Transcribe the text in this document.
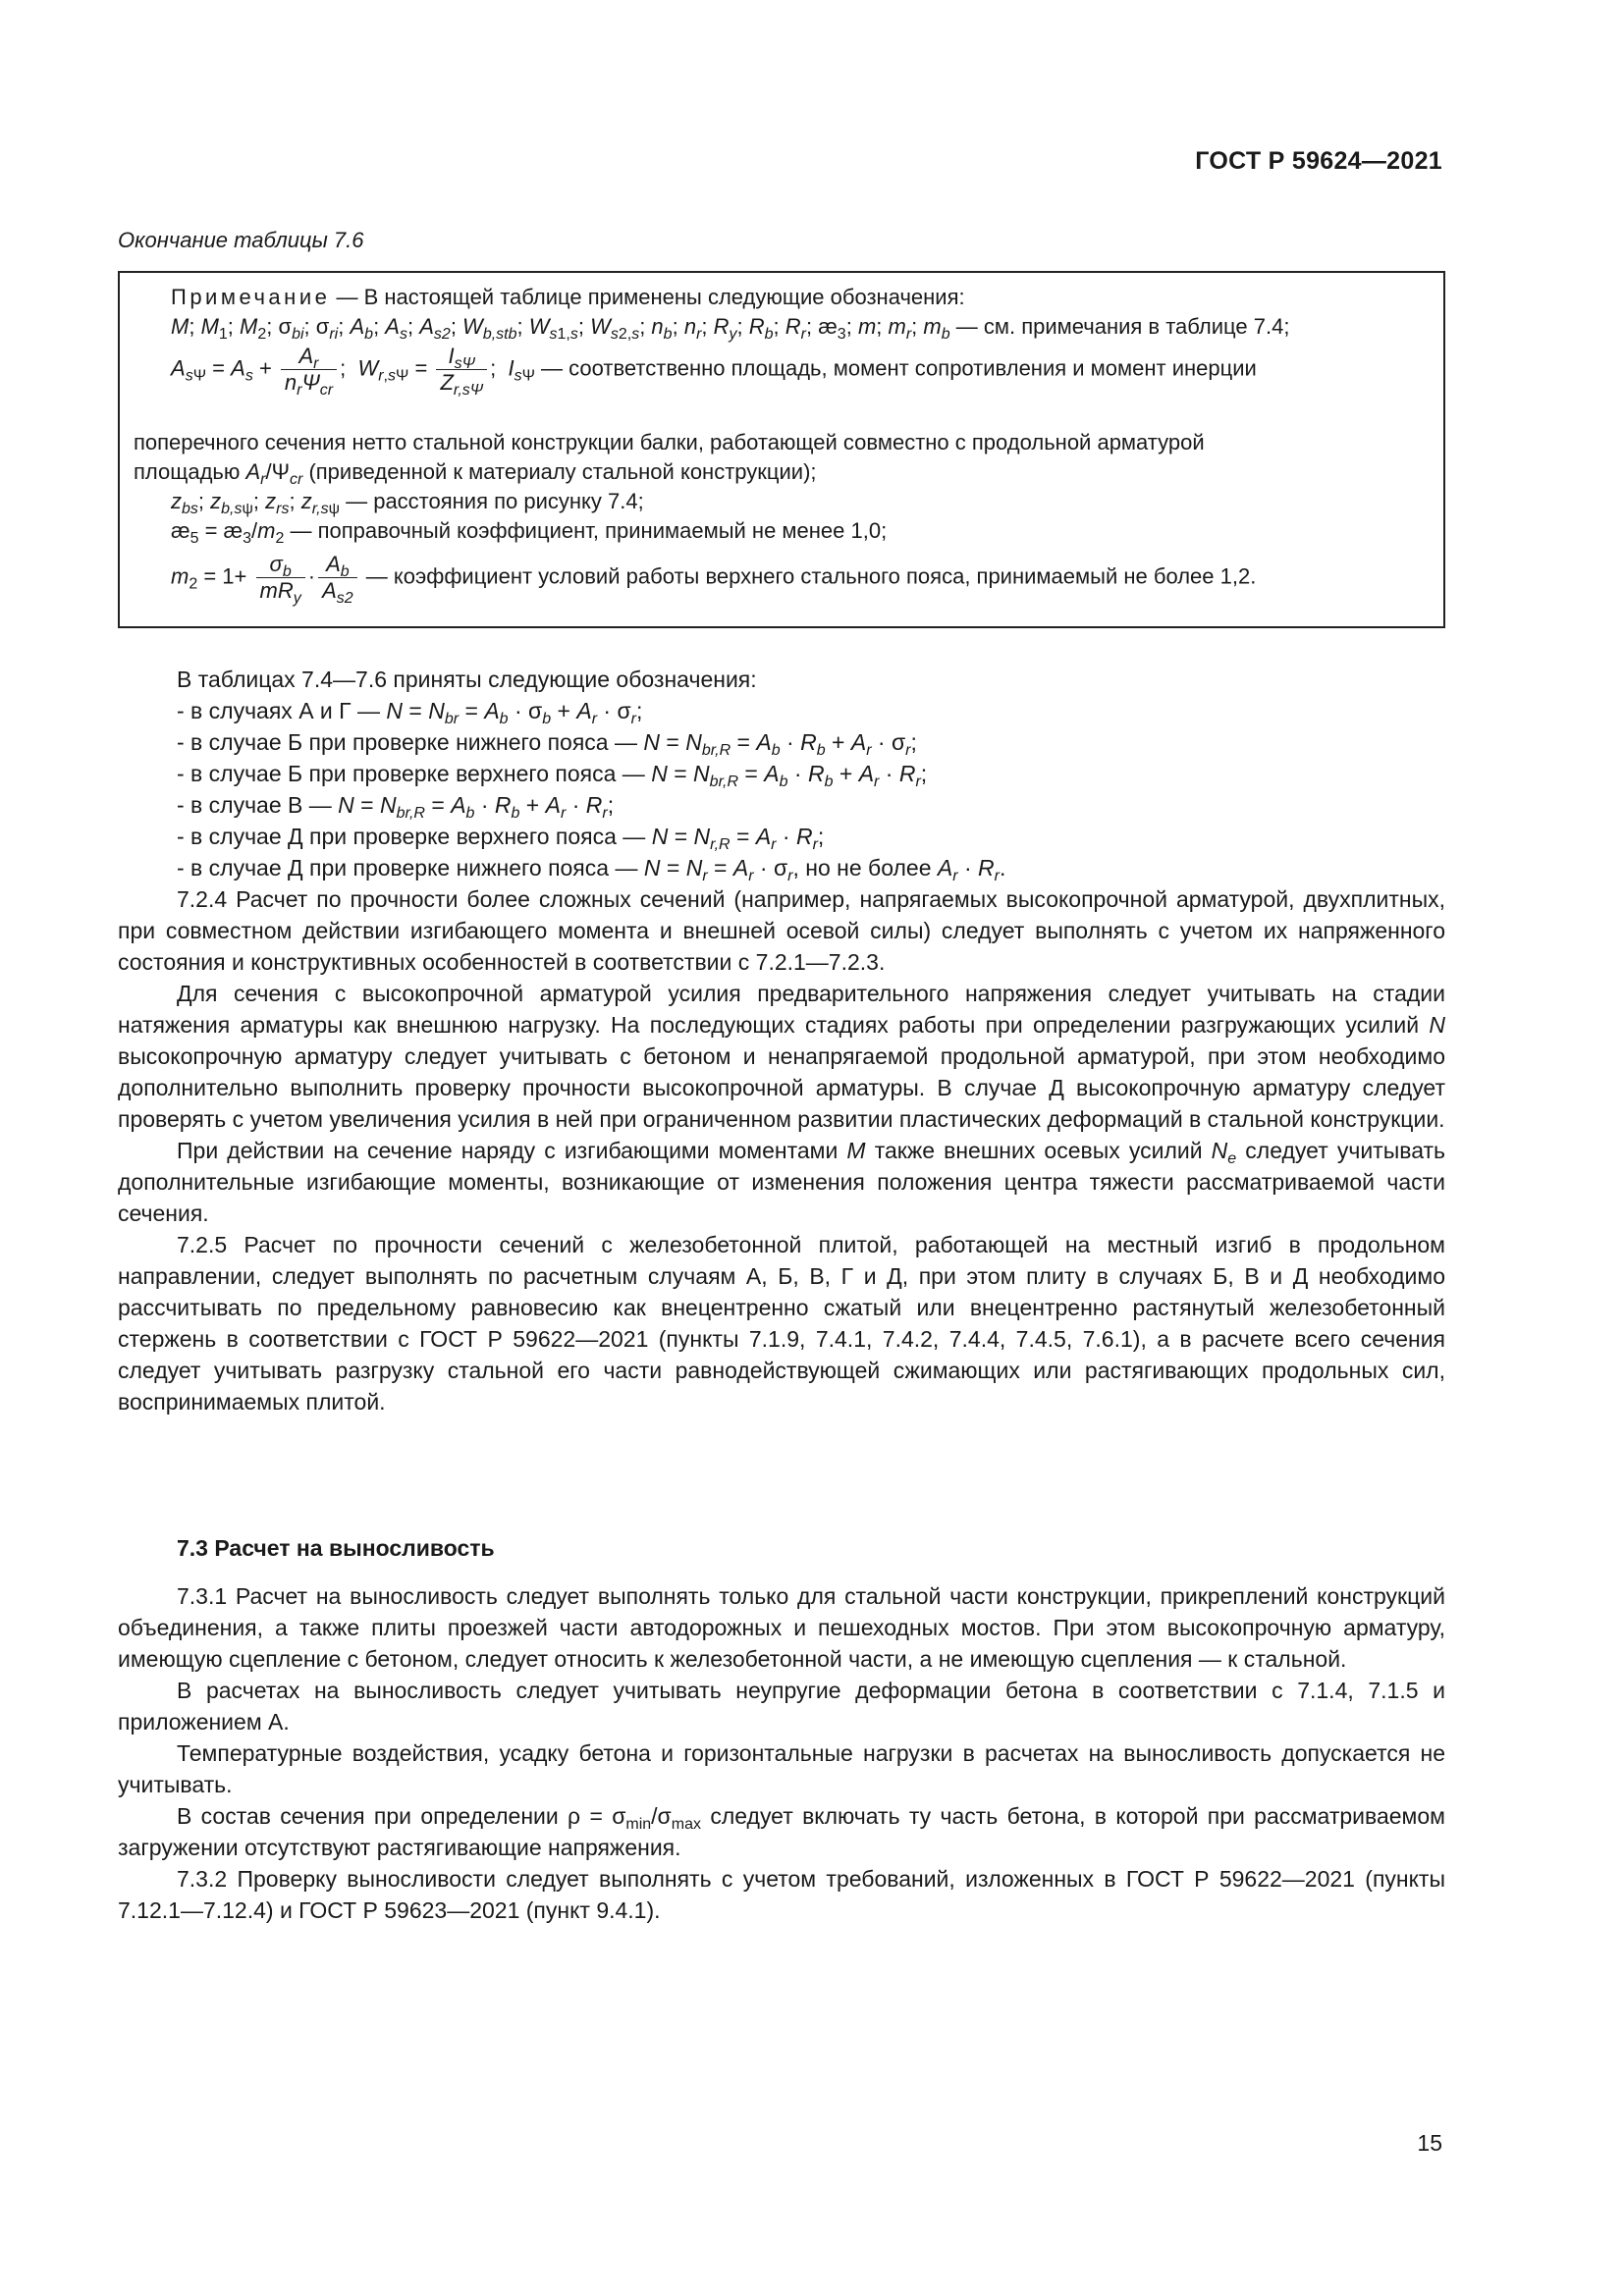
ГОСТ Р 59624—2021
Окончание таблицы 7.6
Примечание — В настоящей таблице применены следующие обозначения:
M; $M_1$; $M_2$; $\sigma_{bi}$; $\sigma_{ri}$; $A_b$; $A_s$; $A_{s2}$; $W_{b,stb}$; $W_{s1,s}$; $W_{s2,s}$; $n_b$; $n_r$; $R_y$; $R_b$; $R_r$; $æ_3$; m; $m_r$; $m_b$ — см. примечания в таблице 7.4;
$A_{s\Psi} = A_s + \frac{A_r}{n_r\Psi_{cr}}$ ;  $W_{r,s\Psi} = \frac{I_{s\Psi}}{Z_{r,s\Psi}}$ ;  $I_{s\Psi}$ — соответственно площадь, момент сопротивления и момент инерции
поперечного сечения нетто стальной конструкции балки, работающей совместно с продольной арматурой
площадью $A_r/\Psi_{cr}$ (приведенной к материалу стальной конструкции);
$z_{bs}$; $z_{b,s\psi}$; $z_{rs}$; $z_{r,s\psi}$ — расстояния по рисунку 7.4;
$æ_5$ = $æ_3/m_2$ — поправочный коэффициент, принимаемый не менее 1,0;
$m_2 = 1+ \frac{\sigma_b}{mR_y} \cdot \frac{A_b}{A_{s2}}$ — коэффициент условий работы верхнего стального пояса, принимаемый не более 1,2.
В таблицах 7.4—7.6 приняты следующие обозначения:
- в случаях А и Г — $N = N_{br} = A_b \cdot \sigma_b + A_r \cdot \sigma_r$;
- в случае Б при проверке нижнего пояса — $N = N_{br,R} = A_b \cdot R_b + A_r \cdot \sigma_r$;
- в случае Б при проверке верхнего пояса — $N = N_{br,R} = A_b \cdot R_b + A_r \cdot R_r$;
- в случае В — $N = N_{br,R} = A_b \cdot R_b + A_r \cdot R_r$;
- в случае Д при проверке верхнего пояса — $N = N_{r,R} = A_r \cdot R_r$;
- в случае Д при проверке нижнего пояса — $N = N_r = A_r \cdot \sigma_r$, но не более $A_r \cdot R_r$.

7.2.4 Расчет по прочности более сложных сечений (например, напрягаемых высокопрочной арматурой, двухплитных, при совместном действии изгибающего момента и внешней осевой силы) следует выполнять с учетом их напряженного состояния и конструктивных особенностей в соответствии с 7.2.1—7.2.3.

Для сечения с высокопрочной арматурой усилия предварительного напряжения следует учитывать на стадии натяжения арматуры как внешнюю нагрузку. На последующих стадиях работы при определении разгружающих усилий N высокопрочную арматуру следует учитывать с бетоном и ненапрягаемой продольной арматурой, при этом необходимо дополнительно выполнить проверку прочности высокопрочной арматуры. В случае Д высокопрочную арматуру следует проверять с учетом увеличения усилия в ней при ограниченном развитии пластических деформаций в стальной конструкции.

При действии на сечение наряду с изгибающими моментами M также внешних осевых усилий $N_e$ следует учитывать дополнительные изгибающие моменты, возникающие от изменения положения центра тяжести рассматриваемой части сечения.

7.2.5 Расчет по прочности сечений с железобетонной плитой, работающей на местный изгиб в продольном направлении, следует выполнять по расчетным случаям А, Б, В, Г и Д, при этом плиту в случаях Б, В и Д необходимо рассчитывать по предельному равновесию как внецентренно сжатый или внецентренно растянутый железобетонный стержень в соответствии с ГОСТ Р 59622—2021 (пункты 7.1.9, 7.4.1, 7.4.2, 7.4.4, 7.4.5, 7.6.1), а в расчете всего сечения следует учитывать разгрузку стальной его части равнодействующей сжимающих или растягивающих продольных сил, воспринимаемых плитой.

7.3 Расчет на выносливость

7.3.1 Расчет на выносливость следует выполнять только для стальной части конструкции, прикреплений конструкций объединения, а также плиты проезжей части автодорожных и пешеходных мостов. При этом высокопрочную арматуру, имеющую сцепление с бетоном, следует относить к железобетонной части, а не имеющую сцепления — к стальной.

В расчетах на выносливость следует учитывать неупругие деформации бетона в соответствии с 7.1.4, 7.1.5 и приложением А.

Температурные воздействия, усадку бетона и горизонтальные нагрузки в расчетах на выносливость допускается не учитывать.

В состав сечения при определении $\rho = \sigma_{min}/\sigma_{max}$ следует включать ту часть бетона, в которой при рассматриваемом загружении отсутствуют растягивающие напряжения.

7.3.2 Проверку выносливости следует выполнять с учетом требований, изложенных в ГОСТ Р 59622—2021 (пункты 7.12.1—7.12.4) и ГОСТ Р 59623—2021 (пункт 9.4.1).

15
